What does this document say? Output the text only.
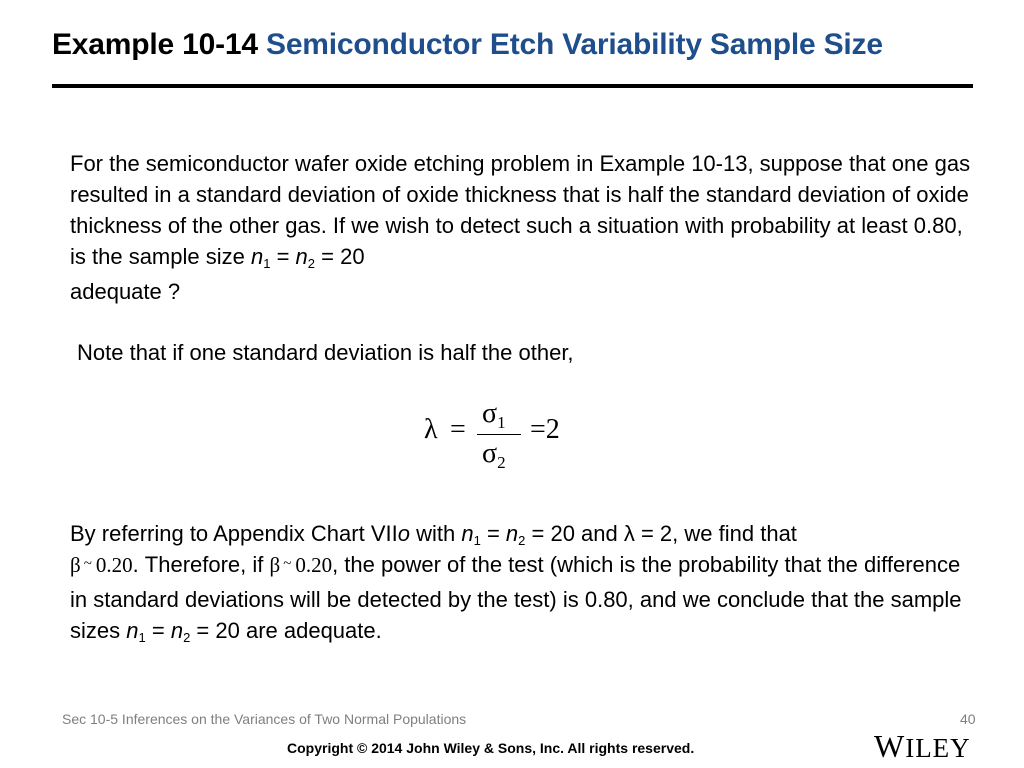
Example 10-14 Semiconductor Etch Variability Sample Size
For the semiconductor wafer oxide etching problem in Example 10-13, suppose that one gas resulted in a standard deviation of oxide thickness that is half the standard deviation of oxide thickness of the other gas. If we wish to detect such a situation with probability at least 0.80, is the sample size $n_1 = n_2 = 20$
adequate ?
Note that if one standard deviation is half the other,
λ =
$\sigma_1$
$\sigma_2$
=2
By referring to Appendix Chart VIIo with $n_1 = n_2 = 20$ and λ = 2, we find that
β ~ 0.20. Therefore, if β ~ 0.20, the power of the test (which is the probability that the difference in standard deviations will be detected by the test) is 0.80, and we conclude that the sample sizes $n_1 = n_2 = 20$ are adequate.
Sec 10-5 Inferences on the Variances of Two Normal Populations	40
Copyright © 2014 John Wiley & Sons, Inc. All rights reserved.	WILEY
